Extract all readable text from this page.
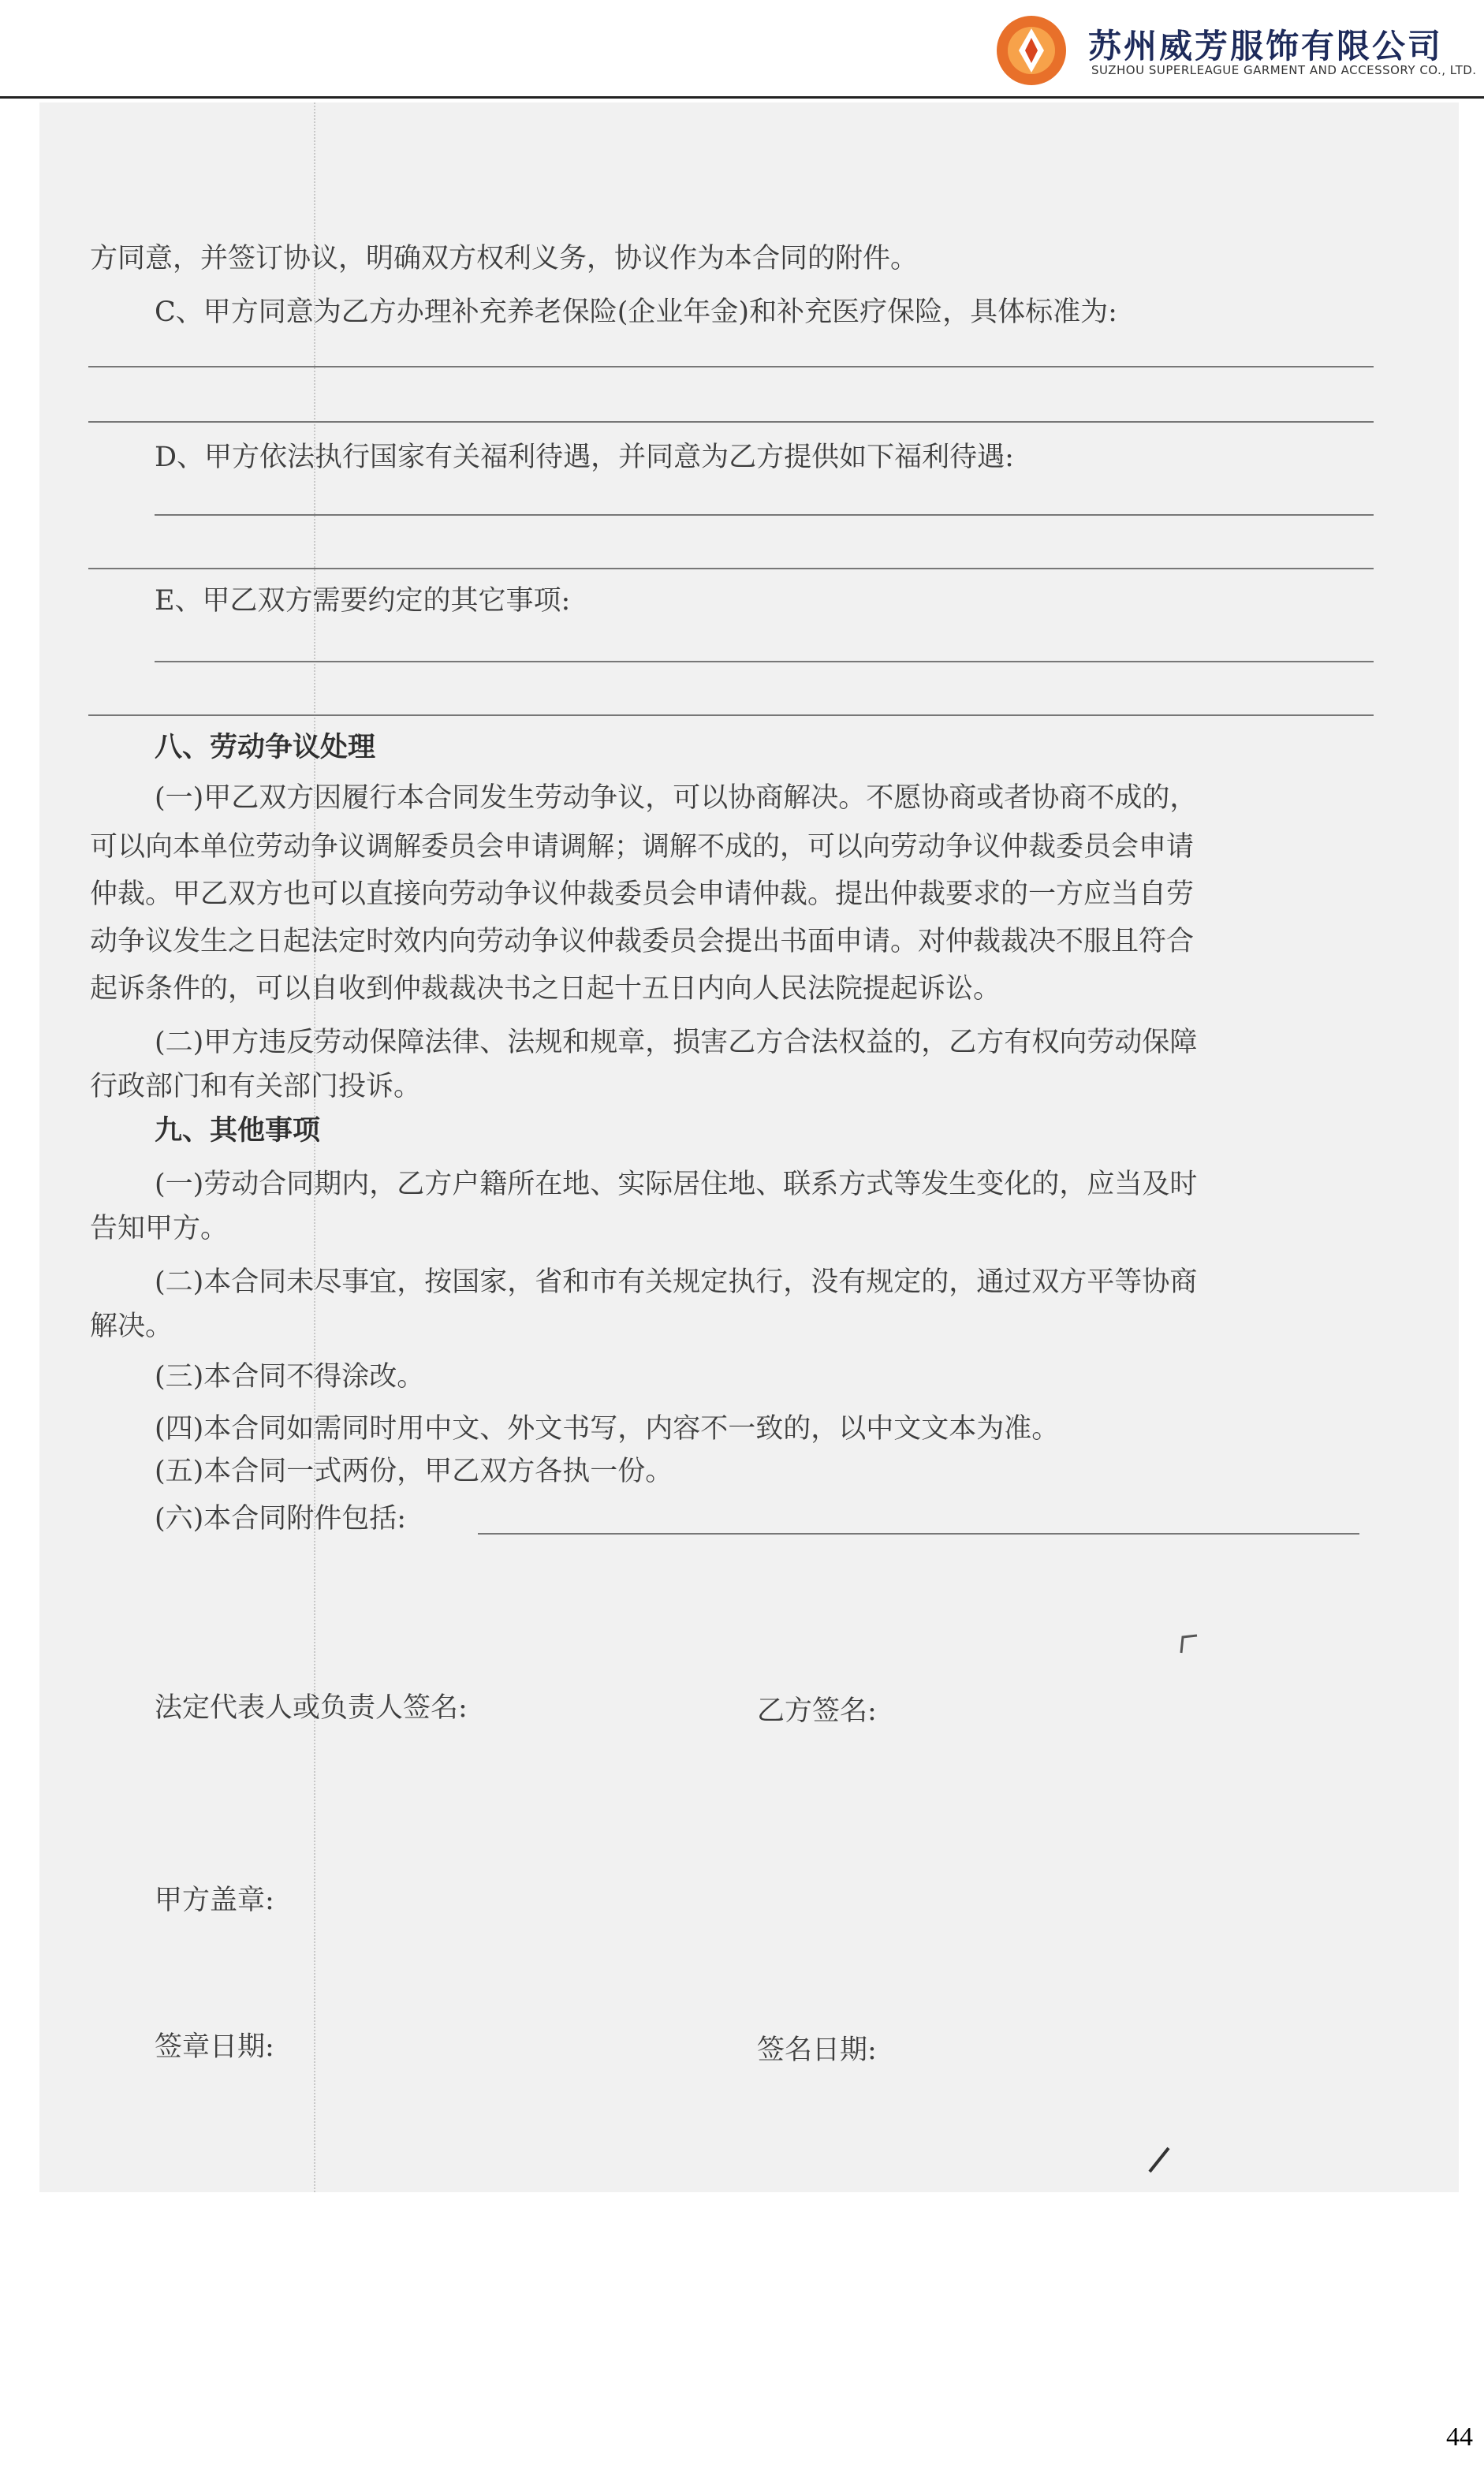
苏州威芳服饰有限公司
SUZHOU SUPERLEAGUE GARMENT AND ACCESSORY CO., LTD.
方同意，并签订协议，明确双方权利义务，协议作为本合同的附件。
C、甲方同意为乙方办理补充养老保险(企业年金)和补充医疗保险，具体标准为:
D、甲方依法执行国家有关福利待遇，并同意为乙方提供如下福利待遇:
E、甲乙双方需要约定的其它事项:
八、劳动争议处理
(一)甲乙双方因履行本合同发生劳动争议，可以协商解决。不愿协商或者协商不成的，
可以向本单位劳动争议调解委员会申请调解；调解不成的，可以向劳动争议仲裁委员会申请
仲裁。甲乙双方也可以直接向劳动争议仲裁委员会申请仲裁。提出仲裁要求的一方应当自劳
动争议发生之日起法定时效内向劳动争议仲裁委员会提出书面申请。对仲裁裁决不服且符合
起诉条件的，可以自收到仲裁裁决书之日起十五日内向人民法院提起诉讼。
(二)甲方违反劳动保障法律、法规和规章，损害乙方合法权益的，乙方有权向劳动保障
行政部门和有关部门投诉。
九、其他事项
(一)劳动合同期内，乙方户籍所在地、实际居住地、联系方式等发生变化的，应当及时
告知甲方。
(二)本合同未尽事宜，按国家，省和市有关规定执行，没有规定的，通过双方平等协商
解决。
(三)本合同不得涂改。
(四)本合同如需同时用中文、外文书写，内容不一致的，以中文文本为准。
(五)本合同一式两份，甲乙双方各执一份。
(六)本合同附件包括:
法定代表人或负责人签名:	乙方签名:
甲方盖章:
签章日期:	签名日期:
44
